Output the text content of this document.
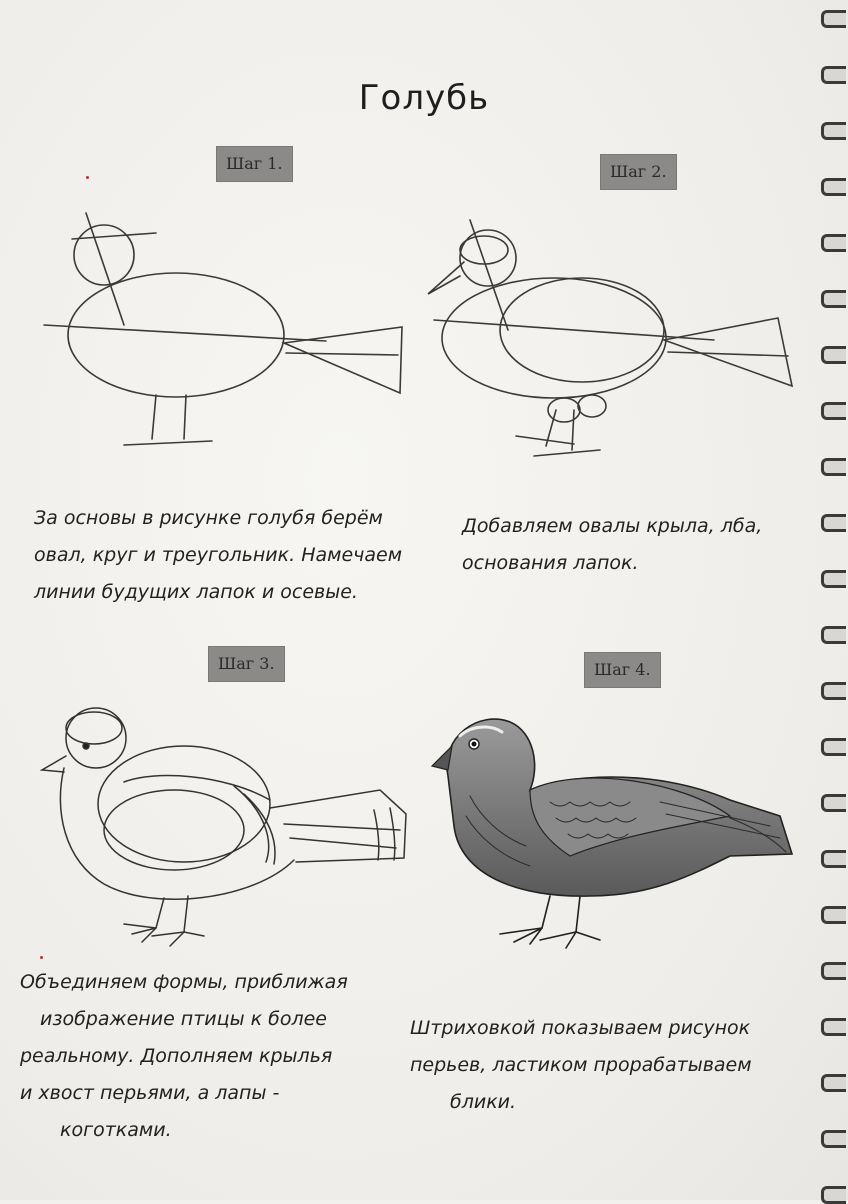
Голубь
Шаг 1.	Шаг 2.
За основы в рисунке голубя берём
овал, круг и треугольник. Намечаем
линии будущих лапок и осевые.
Добавляем овалы крыла, лба,
основания лапок.
Шаг 3.	Шаг 4.
Объединяем формы, приближая
изображение птицы к более
реальному. Дополняем крылья
и хвост перьями, а лапы -
коготками.
Штриховкой показываем рисунок
перьев, ластиком прорабатываем
блики.
